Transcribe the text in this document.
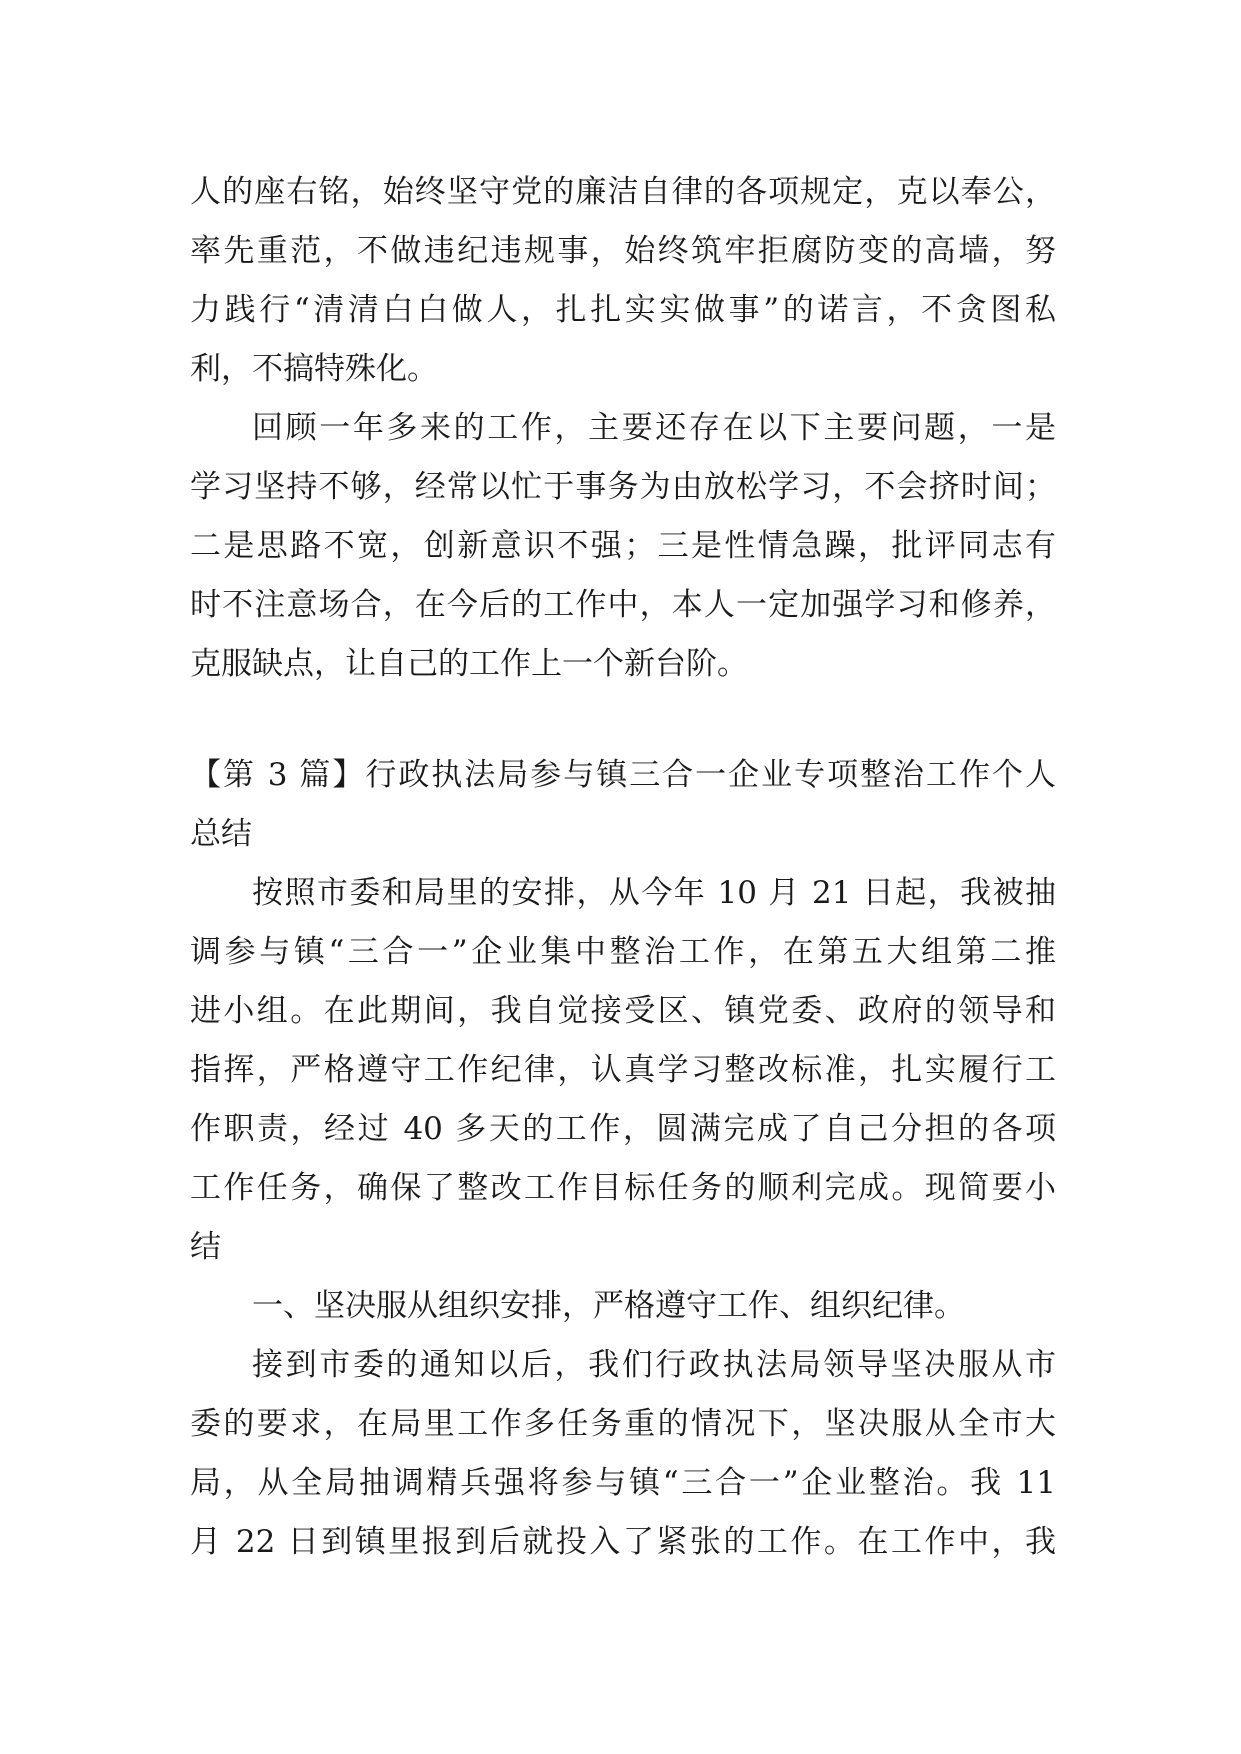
人的座右铭，始终坚守党的廉洁自律的各项规定，克以奉公，
率先重范，不做违纪违规事，始终筑牢拒腐防变的高墙，努
力践行“清清白白做人，扎扎实实做事”的诺言，不贪图私
利，不搞特殊化。
回顾一年多来的工作，主要还存在以下主要问题，一是
学习坚持不够，经常以忙于事务为由放松学习，不会挤时间；
二是思路不宽，创新意识不强；三是性情急躁，批评同志有
时不注意场合，在今后的工作中，本人一定加强学习和修养，
克服缺点，让自己的工作上一个新台阶。
【第 3 篇】行政执法局参与镇三合一企业专项整治工作个人
总结
按照市委和局里的安排，从今年 10 月 21 日起，我被抽
调参与镇“三合一”企业集中整治工作，在第五大组第二推
进小组。在此期间，我自觉接受区、镇党委、政府的领导和
指挥，严格遵守工作纪律，认真学习整改标准，扎实履行工
作职责，经过 40 多天的工作，圆满完成了自己分担的各项
工作任务，确保了整改工作目标任务的顺利完成。现简要小
结
一、坚决服从组织安排，严格遵守工作、组织纪律。
接到市委的通知以后，我们行政执法局领导坚决服从市
委的要求，在局里工作多任务重的情况下，坚决服从全市大
局，从全局抽调精兵强将参与镇“三合一”企业整治。我 11
月 22 日到镇里报到后就投入了紧张的工作。在工作中，我
